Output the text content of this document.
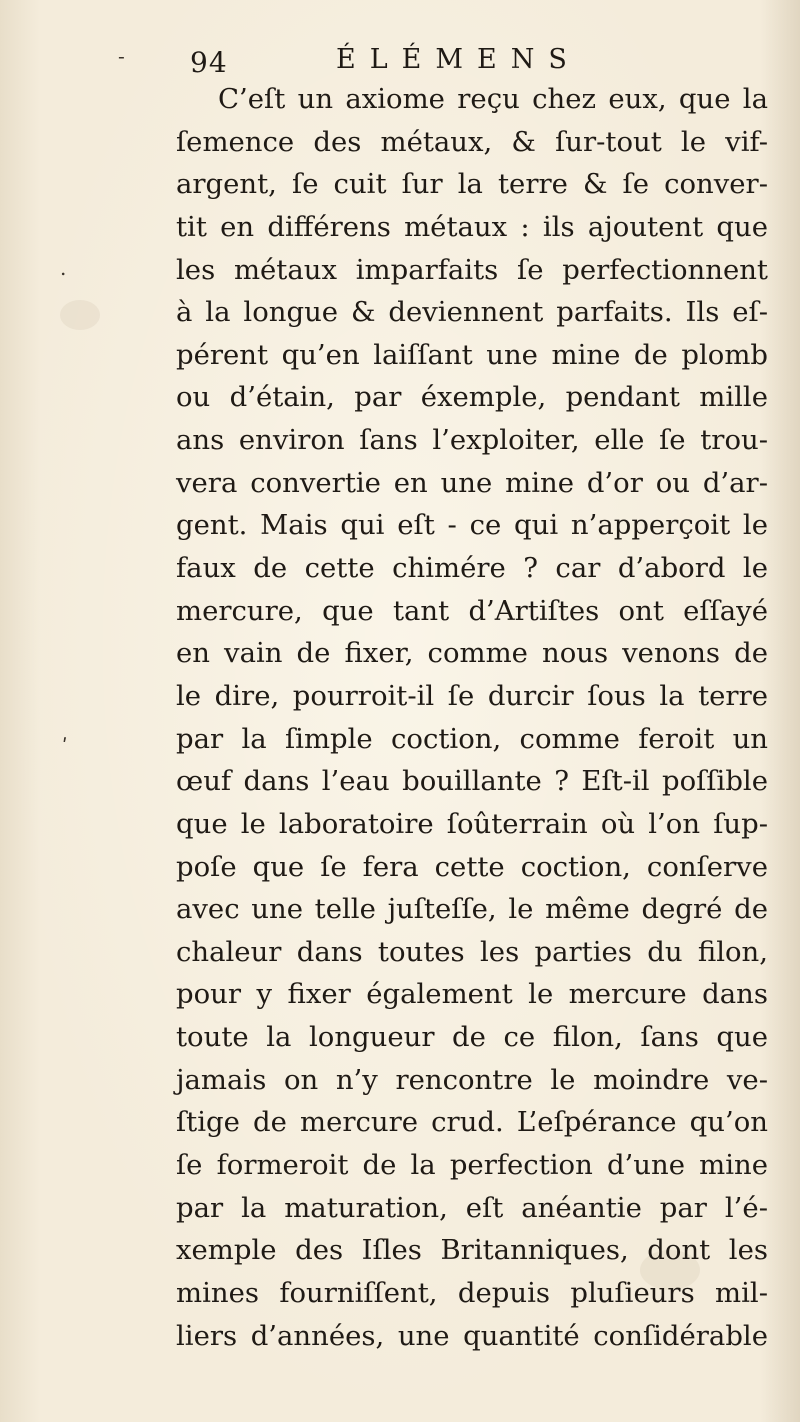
94	ÉLÉMENS
-
.
ʹ
C’eſt un axiome reçu chez eux, que la
ſemence des métaux, & ſur-tout le vif-
argent, ſe cuit ſur la terre & ſe conver-
tit en différens métaux : ils ajoutent que
les métaux imparfaits ſe perfectionnent
à la longue & deviennent parfaits. Ils eſ-
pérent qu’en laiſſant une mine de plomb
ou d’étain, par éxemple, pendant mille
ans environ ſans l’exploiter, elle ſe trou-
vera convertie en une mine d’or ou d’ar-
gent. Mais qui eſt - ce qui n’apperçoit le
faux de cette chimére ? car d’abord le
mercure, que tant d’Artiſtes ont eſſayé
en vain de fixer, comme nous venons de
le dire, pourroit-il ſe durcir ſous la terre
par la ſimple coction, comme feroit un
œuf dans l’eau bouillante ? Eſt-il poſſible
que le laboratoire ſoûterrain où l’on ſup-
poſe que ſe fera cette coction, conſerve
avec une telle juſteſſe, le même degré de
chaleur dans toutes les parties du filon,
pour y fixer également le mercure dans
toute la longueur de ce filon, ſans que
jamais on n’y rencontre le moindre ve-
ſtige de mercure crud. L’eſpérance qu’on
ſe formeroit de la perfection d’une mine
par la maturation, eſt anéantie par l’é-
xemple des Iſles Britanniques, dont les
mines fourniſſent, depuis pluſieurs mil-
liers d’années, une quantité conſidérable
